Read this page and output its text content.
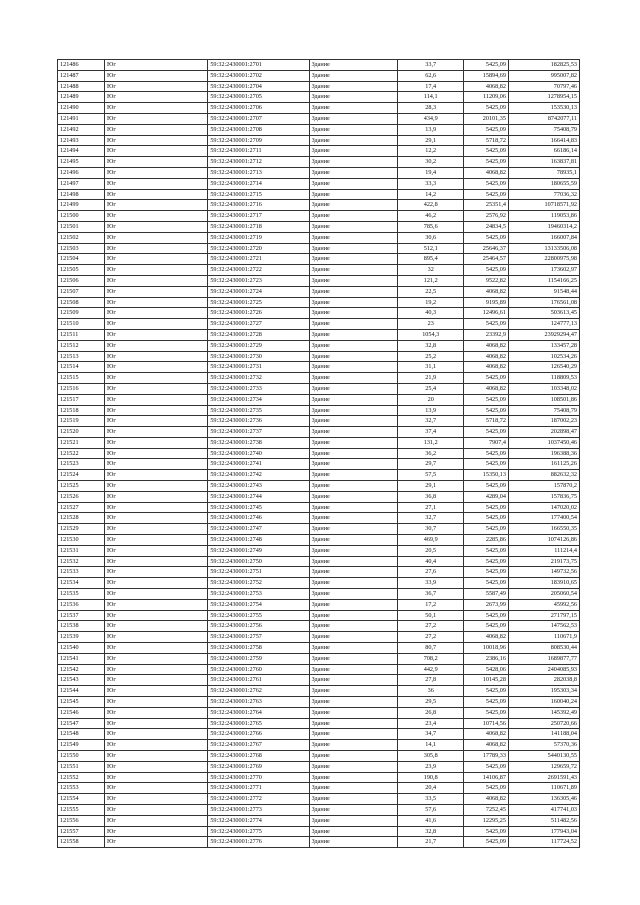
121486	Юг	59:32:2430001:2701	Здание	33,7	5425,09	182825,53
121487	Юг	59:32:2430001:2702	Здание	62,6	15894,69	995007,82
121488	Юг	59:32:2430001:2704	Здание	17,4	4068,82	70797,46
121489	Юг	59:32:2430001:2705	Здание	114,1	11209,06	1278954,15
121490	Юг	59:32:2430001:2706	Здание	28,3	5425,09	153530,13
121491	Юг	59:32:2430001:2707	Здание	434,9	20101,35	8742077,11
121492	Юг	59:32:2430001:2708	Здание	13,9	5425,09	75408,79
121493	Юг	59:32:2430001:2709	Здание	29,1	5718,72	166414,83
121494	Юг	59:32:2430001:2711	Здание	12,2	5425,09	66186,14
121495	Юг	59:32:2430001:2712	Здание	30,2	5425,09	163837,81
121496	Юг	59:32:2430001:2713	Здание	19,4	4068,82	78935,1
121497	Юг	59:32:2430001:2714	Здание	33,3	5425,09	180655,59
121498	Юг	59:32:2430001:2715	Здание	14,2	5425,09	77036,32
121499	Юг	59:32:2430001:2716	Здание	422,8	25351,4	10718571,92
121500	Юг	59:32:2430001:2717	Здание	46,2	2576,92	119053,86
121501	Юг	59:32:2430001:2718	Здание	785,6	24834,5	19460314,2
121502	Юг	59:32:2430001:2719	Здание	30,6	5425,09	166007,84
121503	Юг	59:32:2430001:2720	Здание	512,1	25646,37	13133506,08
121504	Юг	59:32:2430001:2721	Здание	895,4	25464,57	22800975,98
121505	Юг	59:32:2430001:2722	Здание	32	5425,09	173602,97
121506	Юг	59:32:2430001:2723	Здание	121,2	9522,82	1154166,25
121507	Юг	59:32:2430001:2724	Здание	22,5	4068,82	91548,44
121508	Юг	59:32:2430001:2725	Здание	19,2	9195,89	176561,08
121509	Юг	59:32:2430001:2726	Здание	40,3	12496,61	503613,45
121510	Юг	59:32:2430001:2727	Здание	23	5425,09	124777,13
121511	Юг	59:32:2430001:2728	Здание	1054,3	23392,9	23929294,47
121512	Юг	59:32:2430001:2729	Здание	32,8	4068,82	133457,28
121513	Юг	59:32:2430001:2730	Здание	25,2	4068,82	102534,26
121514	Юг	59:32:2430001:2731	Здание	31,1	4068,82	126540,29
121515	Юг	59:32:2430001:2732	Здание	21,9	5425,09	118809,53
121516	Юг	59:32:2430001:2733	Здание	25,4	4068,82	103348,02
121517	Юг	59:32:2430001:2734	Здание	20	5425,09	108501,86
121518	Юг	59:32:2430001:2735	Здание	13,9	5425,09	75408,79
121519	Юг	59:32:2430001:2736	Здание	32,7	5718,72	187002,23
121520	Юг	59:32:2430001:2737	Здание	37,4	5425,09	202898,47
121521	Юг	59:32:2430001:2738	Здание	131,2	7907,4	1037450,46
121522	Юг	59:32:2430001:2740	Здание	36,2	5425,09	196388,36
121523	Юг	59:32:2430001:2741	Здание	29,7	5425,09	161125,26
121524	Юг	59:32:2430001:2742	Здание	57,5	15350,13	882632,32
121525	Юг	59:32:2430001:2743	Здание	29,1	5425,09	157870,2
121526	Юг	59:32:2430001:2744	Здание	36,8	4289,04	157836,75
121527	Юг	59:32:2430001:2745	Здание	27,1	5425,09	147020,02
121528	Юг	59:32:2430001:2746	Здание	32,7	5425,09	177400,54
121529	Юг	59:32:2430001:2747	Здание	30,7	5425,09	166550,35
121530	Юг	59:32:2430001:2748	Здание	469,9	2285,86	1074126,86
121531	Юг	59:32:2430001:2749	Здание	20,5	5425,09	111214,4
121532	Юг	59:32:2430001:2750	Здание	40,4	5425,09	219173,75
121533	Юг	59:32:2430001:2751	Здание	27,6	5425,09	149732,56
121534	Юг	59:32:2430001:2752	Здание	33,9	5425,09	183910,65
121535	Юг	59:32:2430001:2753	Здание	36,7	5587,49	205060,54
121536	Юг	59:32:2430001:2754	Здание	17,2	2673,99	45992,56
121537	Юг	59:32:2430001:2755	Здание	50,1	5425,09	271797,15
121538	Юг	59:32:2430001:2756	Здание	27,2	5425,09	147562,53
121539	Юг	59:32:2430001:2757	Здание	27,2	4068,82	110671,9
121540	Юг	59:32:2430001:2758	Здание	80,7	10018,96	808530,44
121541	Юг	59:32:2430001:2759	Здание	708,2	2386,16	1689877,77
121542	Юг	59:32:2430001:2760	Здание	442,9	5428,06	2404085,93
121543	Юг	59:32:2430001:2761	Здание	27,8	10145,28	282038,8
121544	Юг	59:32:2430001:2762	Здание	36	5425,09	195303,34
121545	Юг	59:32:2430001:2763	Здание	29,5	5425,09	160040,24
121546	Юг	59:32:2430001:2764	Здание	26,8	5425,09	145392,49
121547	Юг	59:32:2430001:2765	Здание	23,4	10714,56	250720,66
121548	Юг	59:32:2430001:2766	Здание	34,7	4068,82	141188,04
121549	Юг	59:32:2430001:2767	Здание	14,1	4068,82	57370,36
121550	Юг	59:32:2430001:2768	Здание	305,8	17789,33	5440130,55
121551	Юг	59:32:2430001:2769	Здание	23,9	5425,09	129659,72
121552	Юг	59:32:2430001:2770	Здание	190,8	14106,87	2691591,43
121553	Юг	59:32:2430001:2771	Здание	20,4	5425,09	110671,89
121554	Юг	59:32:2430001:2772	Здание	33,5	4068,82	136305,46
121555	Юг	59:32:2430001:2773	Здание	57,6	7252,45	417741,03
121556	Юг	59:32:2430001:2774	Здание	41,6	12295,25	511482,56
121557	Юг	59:32:2430001:2775	Здание	32,8	5425,09	177943,04
121558	Юг	59:32:2430001:2776	Здание	21,7	5425,09	117724,52
